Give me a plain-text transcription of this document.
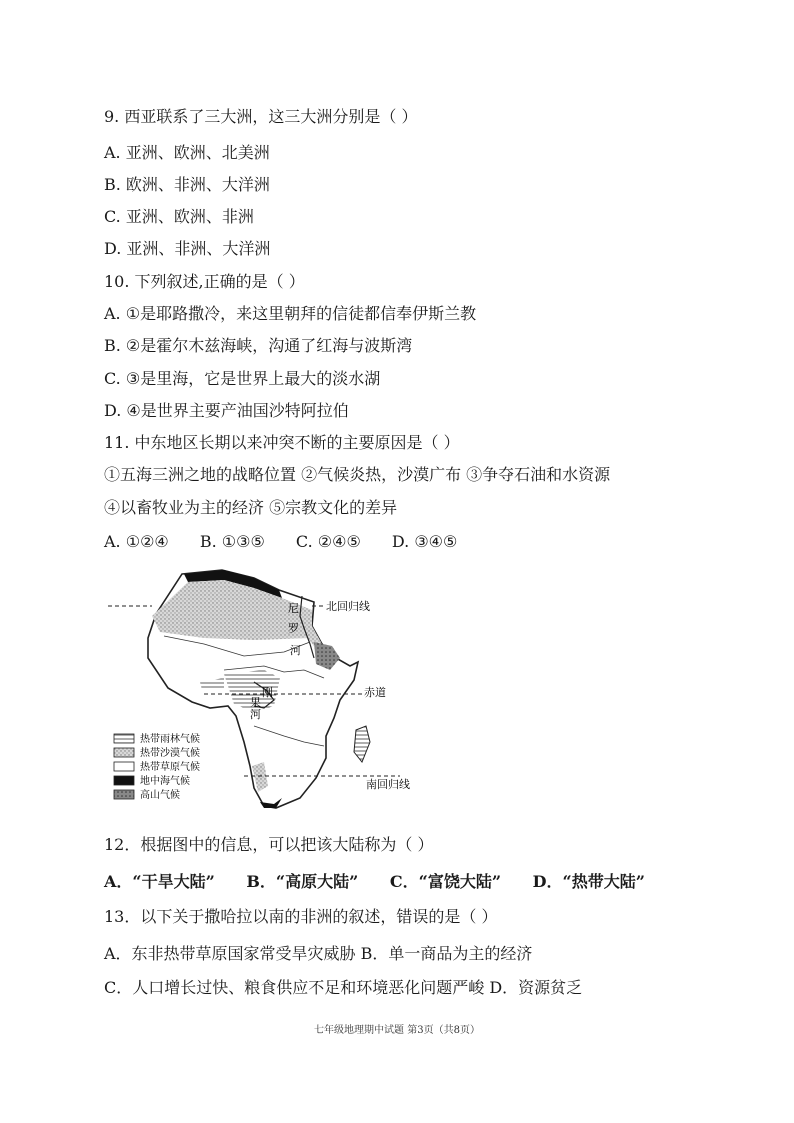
9. 西亚联系了三大洲，这三大洲分别是（ ）
A. 亚洲、欧洲、北美洲
B. 欧洲、非洲、大洋洲
C. 亚洲、欧洲、非洲
D. 亚洲、非洲、大洋洲
10. 下列叙述,正确的是（ ）
A. ①是耶路撒冷，来这里朝拜的信徒都信奉伊斯兰教
B. ②是霍尔木兹海峡，沟通了红海与波斯湾
C. ③是里海，它是世界上最大的淡水湖
D. ④是世界主要产油国沙特阿拉伯
11. 中东地区长期以来冲突不断的主要原因是（ ）
①五海三洲之地的战略位置 ②气候炎热，沙漠广布 ③争夺石油和水资源
④以畜牧业为主的经济 ⑤宗教文化的差异
A. ①②④ B. ①③⑤ C. ②④⑤ D. ③④⑤
北回归线
赤道
南回归线
尼
罗
河
刚
果
河
热带雨林气候
热带沙漠气候
热带草原气候
地中海气候
高山气候
12．根据图中的信息，可以把该大陆称为（ ）
A．“干旱大陆” B．“高原大陆” C．“富饶大陆” D．“热带大陆”
13．以下关于撒哈拉以南的非洲的叙述，错误的是（ ）
A．东非热带草原国家常受旱灾威胁 B．单一商品为主的经济
C．人口增长过快、粮食供应不足和环境恶化问题严峻 D．资源贫乏
七年级地理期中试题 第3页（共8页）
